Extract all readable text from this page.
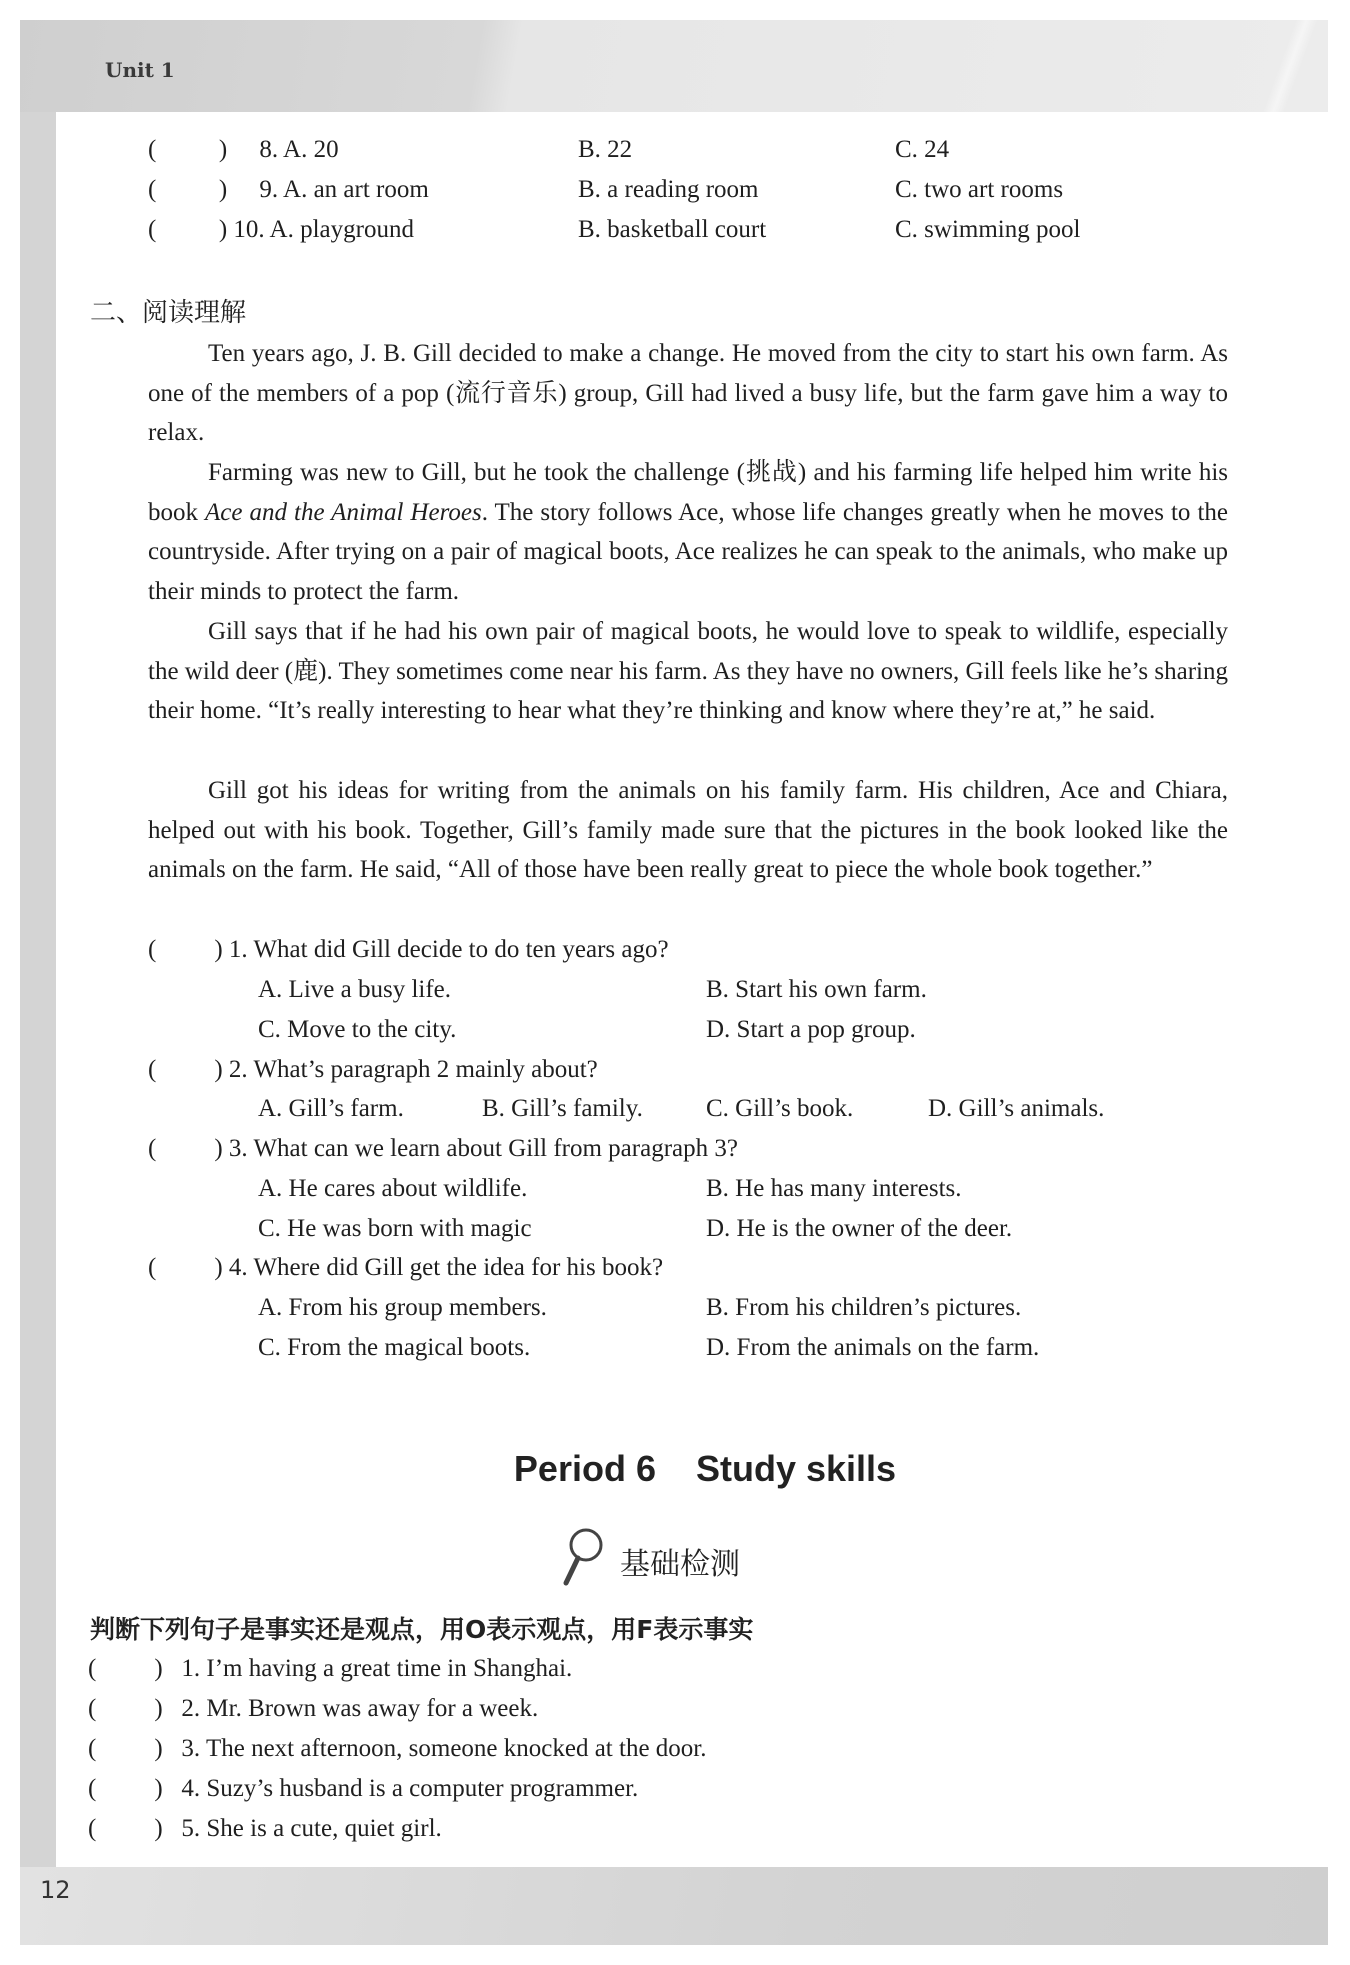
Unit 1
12
(	) 8. A. 20	B. 22	C. 24
(	) 9. A. an art room	B. a reading room	C. two art rooms
(	) 10. A. playground	B. basketball court	C. swimming pool
二、阅读理解
Ten years ago, J. B. Gill decided to make a change. He moved from the city to start his own farm. As one of the members of a pop (流行音乐) group, Gill had lived a busy life, but the farm gave him a way to relax.
Farming was new to Gill, but he took the challenge (挑战) and his farming life helped him write his book Ace and the Animal Heroes. The story follows Ace, whose life changes greatly when he moves to the countryside. After trying on a pair of magical boots, Ace realizes he can speak to the animals, who make up their minds to protect the farm.
Gill says that if he had his own pair of magical boots, he would love to speak to wildlife, especially the wild deer (鹿). They sometimes come near his farm. As they have no owners, Gill feels like he’s sharing their home. “It’s really interesting to hear what they’re thinking and know where they’re at,” he said.
Gill got his ideas for writing from the animals on his family farm. His children, Ace and Chiara, helped out with his book. Together, Gill’s family made sure that the pictures in the book looked like the animals on the farm. He said, “All of those have been really great to piece the whole book together.”
( ) 1. What did Gill decide to do ten years ago?
A. Live a busy life.	B. Start his own farm.
C. Move to the city.	D. Start a pop group.
( ) 2. What’s paragraph 2 mainly about?
A. Gill’s farm.	B. Gill’s family.	C. Gill’s book.	D. Gill’s animals.
( ) 3. What can we learn about Gill from paragraph 3?
A. He cares about wildlife.	B. He has many interests.
C. He was born with magic	D. He is the owner of the deer.
( ) 4. Where did Gill get the idea for his book?
A. From his group members.	B. From his children’s pictures.
C. From the magical boots.	D. From the animals on the farm.
Period 6    Study skills
基础检测
判断下列句子是事实还是观点，用O表示观点，用F表示事实
( )   1. I’m having a great time in Shanghai.
( )   2. Mr. Brown was away for a week.
( )   3. The next afternoon, someone knocked at the door.
( )   4. Suzy’s husband is a computer programmer.
( )   5. She is a cute, quiet girl.
